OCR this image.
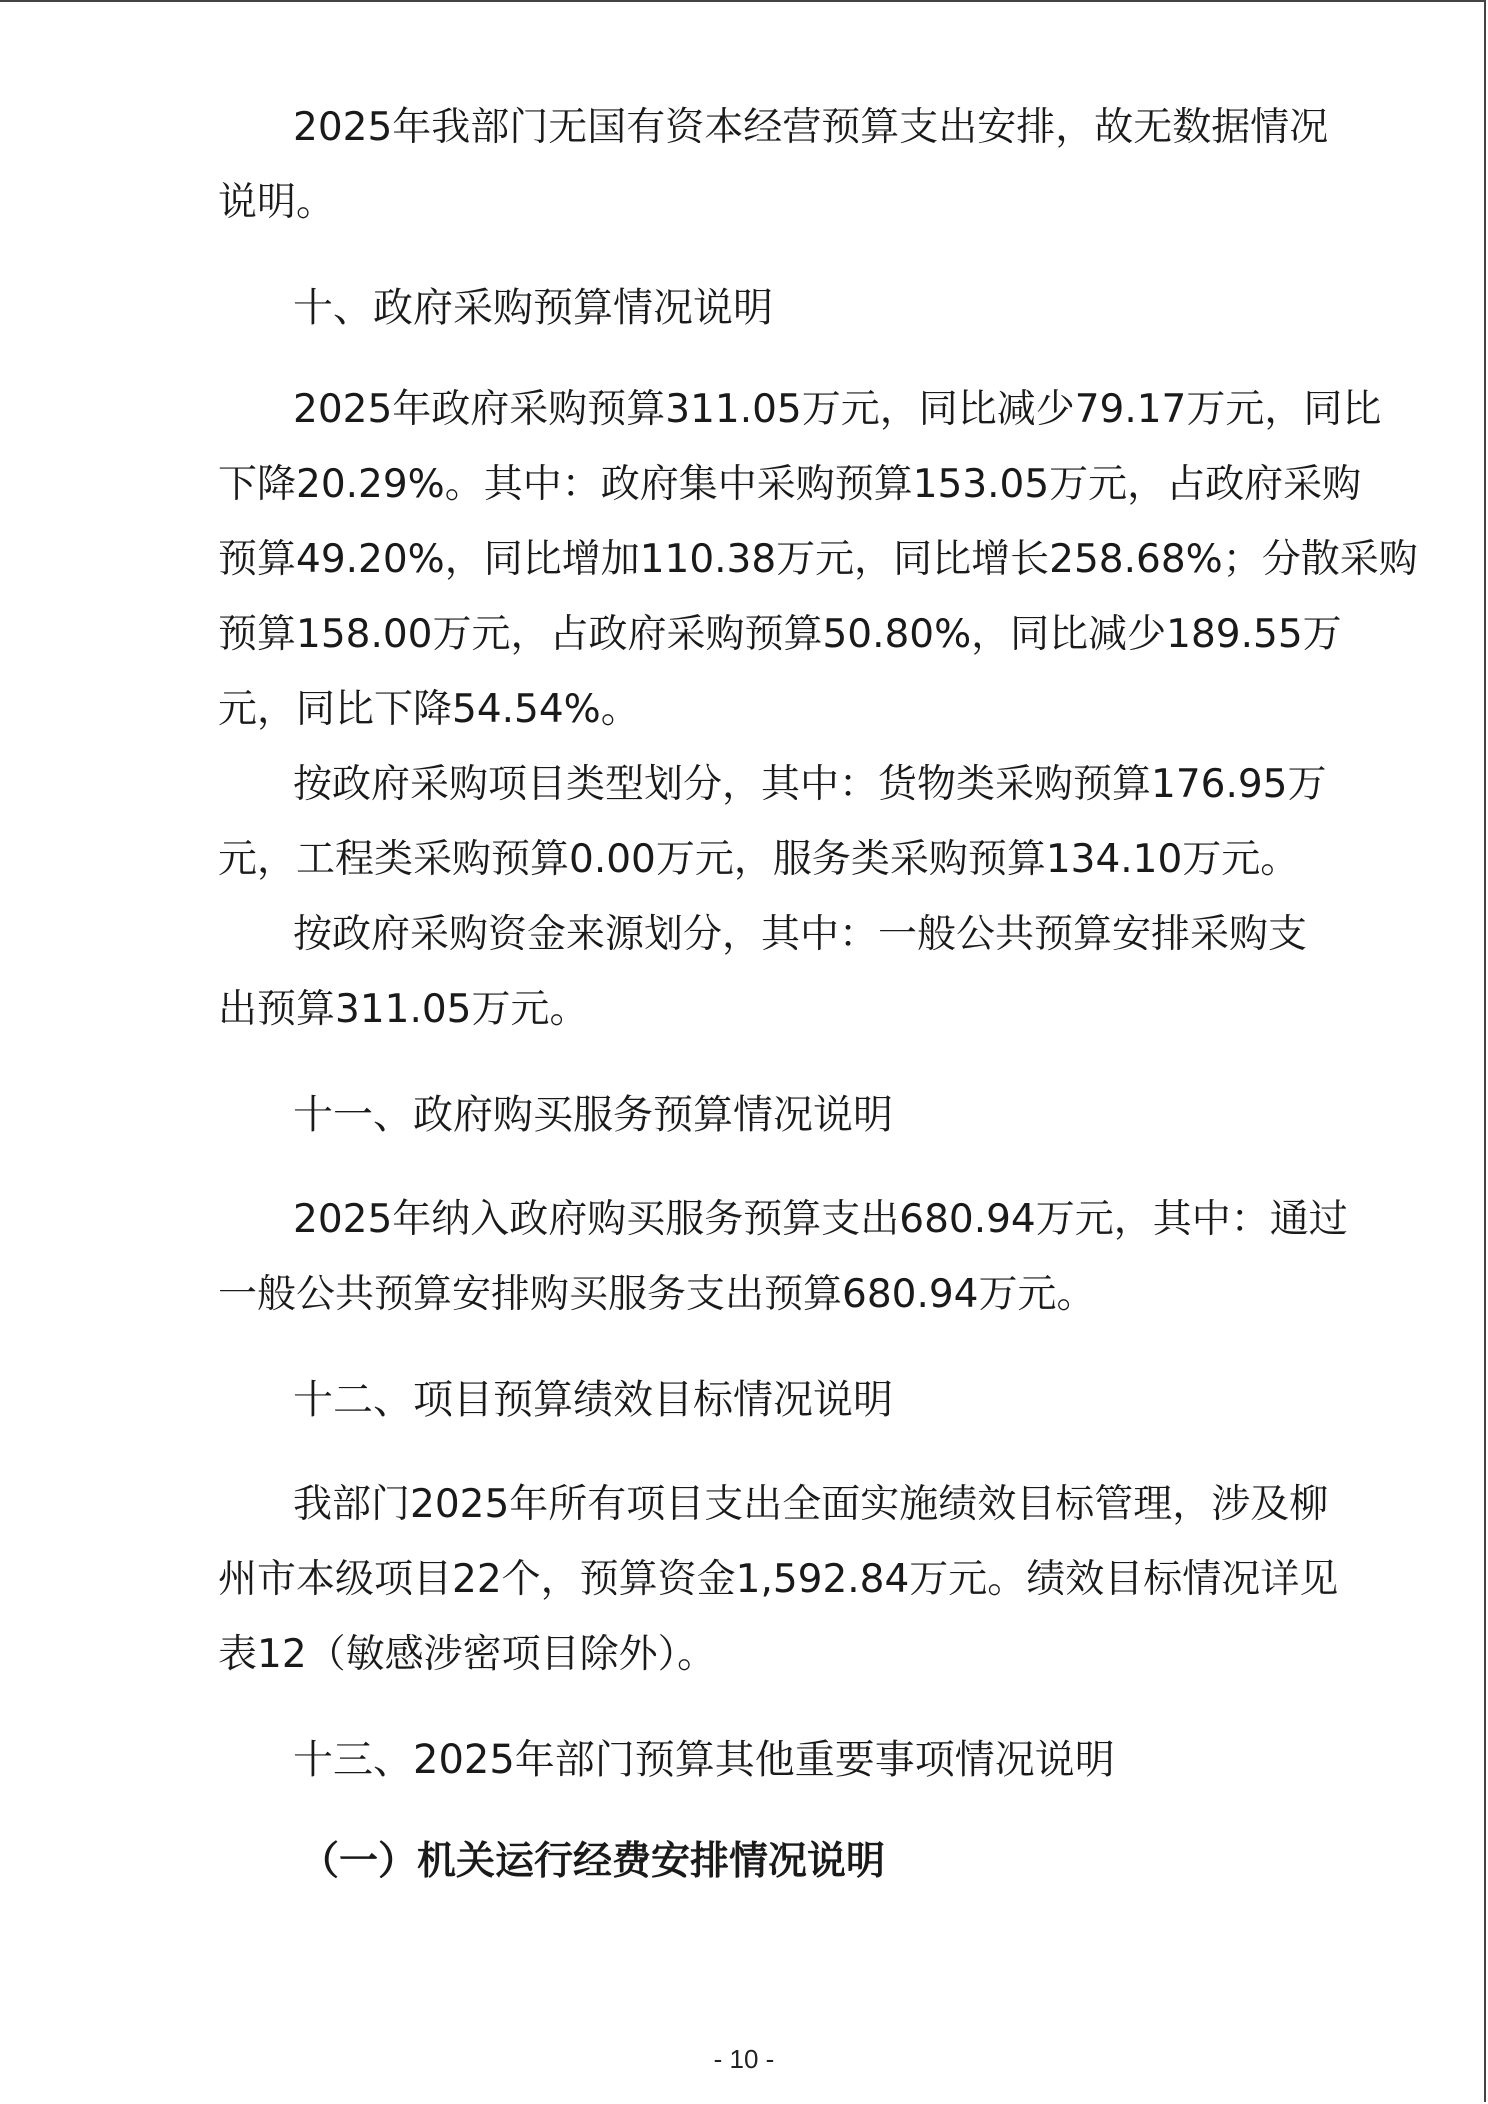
2025年我部门无国有资本经营预算支出安排，故无数据情况
说明。
十、政府采购预算情况说明
2025年政府采购预算311.05万元，同比减少79.17万元，同比
下降20.29%。其中：政府集中采购预算153.05万元，占政府采购
预算49.20%，同比增加110.38万元，同比增长258.68%；分散采购
预算158.00万元，占政府采购预算50.80%，同比减少189.55万
元，同比下降54.54%。
按政府采购项目类型划分，其中：货物类采购预算176.95万
元，工程类采购预算0.00万元，服务类采购预算134.10万元。
按政府采购资金来源划分，其中：一般公共预算安排采购支
出预算311.05万元。
十一、政府购买服务预算情况说明
2025年纳入政府购买服务预算支出680.94万元，其中：通过
一般公共预算安排购买服务支出预算680.94万元。
十二、项目预算绩效目标情况说明
我部门2025年所有项目支出全面实施绩效目标管理，涉及柳
州市本级项目22个，预算资金1,592.84万元。绩效目标情况详见
表12（敏感涉密项目除外）。
十三、2025年部门预算其他重要事项情况说明
（一）机关运行经费安排情况说明
- 10 -
